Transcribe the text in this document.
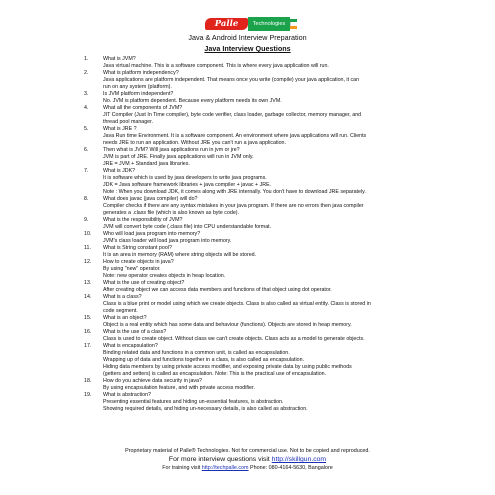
Palle	Technologies
Java & Android Interview Preparation
Java Interview Questions
1.	What is JVM?
Java virtual machine. This is a software component. This is where every java application will run.
2.	What is platform independency?
Java applications are platform independent. That means once you write (compile) your java application, it can
run on any system (platform).
3.	Is JVM platform independent?
No. JVM is platform dependent. Because every platform needs its own JVM.
4.	What all the components of JVM?
JIT Compiler (Just In Time compiler), byte code verifier, class loader, garbage collector, memory manager, and
thread pool manager.
5.	What is JRE ?
Java Run time Environment. It is a software component. An environment where java applications will run. Clients
needs JRE to run an application. Without JRE you can't run a java application.
6.	Then what is JVM? Will java applications run in jvm or jre?
JVM is part of JRE. Finally java applications will run in JVM only.
JRE = JVM + Standard java libraries.
7.	What is JDK?
It is software which is used by java developers to write java programs.
JDK = Java software framework libraries + java compiler + javac + JRE.
Note : When you download JDK, it comes along with JRE internally. You don't have to download JRE separately.
8.	What does javac (java compiler) will do?
Compiler checks if there are any syntax mistakes in your java program. If there are no errors then java compiler
generates a .class file (which is also known as byte code).
9.	What is the responsibility of JVM?
JVM will convert byte code (.class file) into CPU understandable format.
10.	Who will load java program into memory?
JVM's class loader will load java program into memory.
11.	What is String constant pool?
It is an area in memory (RAM) where string objects will be stored.
12.	How to create objects in java?
By using "new" operator.
Note: new operator creates objects in heap location.
13.	What is the use of creating object?
After creating object we can access data members and functions of that object using dot operator.
14.	What is a class?
Class is a blue print or model using which we create objects. Class is also called as virtual entity. Class is stored in
code segment.
15.	What is an object?
Object is a real entity which has some data and behaviour (functions). Objects are stored in heap memory.
16.	What is the use of a class?
Class is used to create object. Without class we can't create objects. Class acts as a model to generate objects.
17.	What is encapsulation?
Binding related data and functions in a common unit, is called as encapsulation.
Wrapping up of data and functions together in a class, is also called as encapsulation.
Hiding data members by using private access modifier, and exposing private data by using public methods
(getters and setters) is called as encapsulation. Note: This is the practical use of encapsulation.
18.	How do you achieve data security in java?
By using encapsulation feature, and with private access modifier.
19.	What is abstraction?
Presenting essential features and hiding un-essential features, is abstraction.
Showing required details, and hiding un-necessary details, is also called as abstraction.
Proprietary material of Palle® Technologies. Not for commercial use. Not to be copied and reproduced.
For more interview questions visit http://skillgun.com
For training visit http://techpalle.com Phone: 080-4164-5630, Bangalore
